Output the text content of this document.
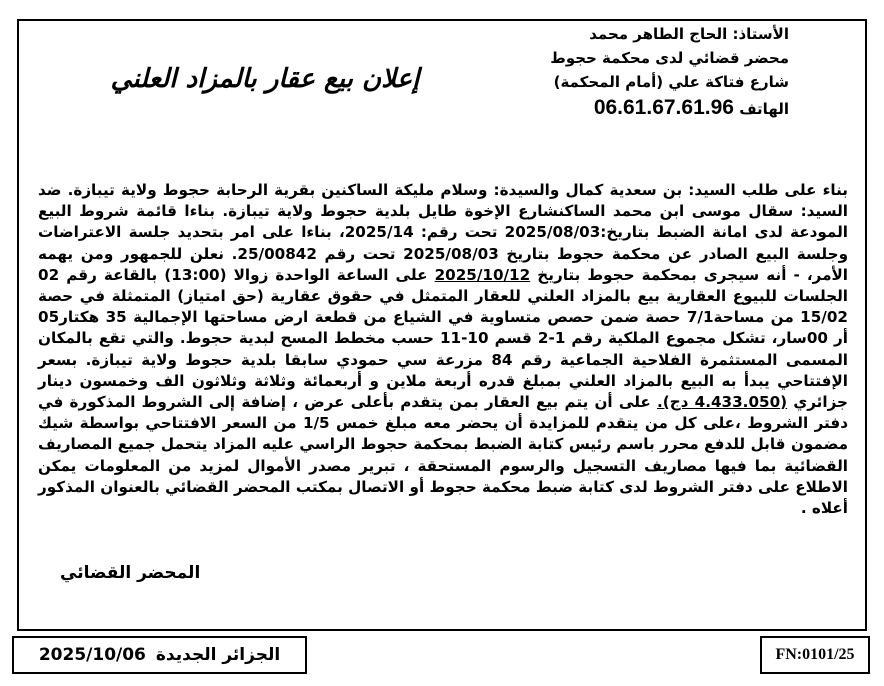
الأستاذ: الحاج الطاهر محمد
محضر قضائي لدى محكمة حجوط
شارع فتاكة علي (أمام المحكمة)
الهاتف 06.61.67.61.96
إعلان بيع عقار بالمزاد العلني

بناء على طلب السيد: بن سعدية كمال والسيدة: وسلام مليكة الساكنين بقرية الرحابة حجوط ولاية تيبازة. ضد السيد: سقال موسى ابن محمد الساكنشارع الإخوة طايل بلدية حجوط ولاية تيبازة. بناءا قائمة شروط البيع المودعة لدى امانة الضبط بتاريخ:2025/08/03 تحت رقم: 2025/14، بناءا على امر بتحديد جلسة الاعتراضات وجلسة البيع الصادر عن محكمة حجوط بتاريخ 2025/08/03 تحت رقم 25/00842. نعلن للجمهور ومن يهمه الأمر، - أنه سيجرى بمحكمة حجوط بتاريخ 2025/10/12 على الساعة الواحدة زوالا (13:00) بالقاعة رقم 02 الجلسات للبيوع العقارية بيع بالمزاد العلني للعقار المتمثل في حقوق عقارية (حق امتياز) المتمثلة في حصة 15/02 من مساحة7/1 حصة ضمن حصص متساوية في الشياع من قطعة ارض مساحتها الإجمالية 35 هكتار05 أر 00سار، تشكل مجموع الملكية رقم 1-2 قسم 10-11 حسب مخطط المسح لبدية حجوط. والتي تقع بالمكان المسمى المستثمرة الفلاحية الجماعية رقم 84 مزرعة سي حمودي سابقا بلدية حجوط ولاية تيبازة. بسعر الإفتتاحي يبدأ به البيع بالمزاد العلني بمبلغ قدره أربعة ملاين و أربعمائة وثلاثة وثلاثون الف وخمسون دينار جزائري (4.433.050 دج). على أن يتم بيع العقار بمن يتقدم بأعلى عرض ، إضافة إلى الشروط المذكورة في دفتر الشروط ،على كل من يتقدم للمزايدة أن يحضر معه مبلغ خمس 1/5 من السعر الافتتاحي بواسطة شيك مضمون قابل للدفع محرر باسم رئيس كتابة الضبط بمحكمة حجوط الراسي عليه المزاد يتحمل جميع المصاريف القضائية بما فيها مصاريف التسجيل والرسوم المستحقة ، تبرير مصدر الأموال لمزيد من المعلومات يمكن الاطلاع على دفتر الشروط لدى كتابة ضبط محكمة حجوط أو الاتصال بمكتب المحضر القضائي بالعنوان المذكور أعلاه .

المحضر القضائي
الجزائر الجديدة
2025/10/06	FN:0101/25
